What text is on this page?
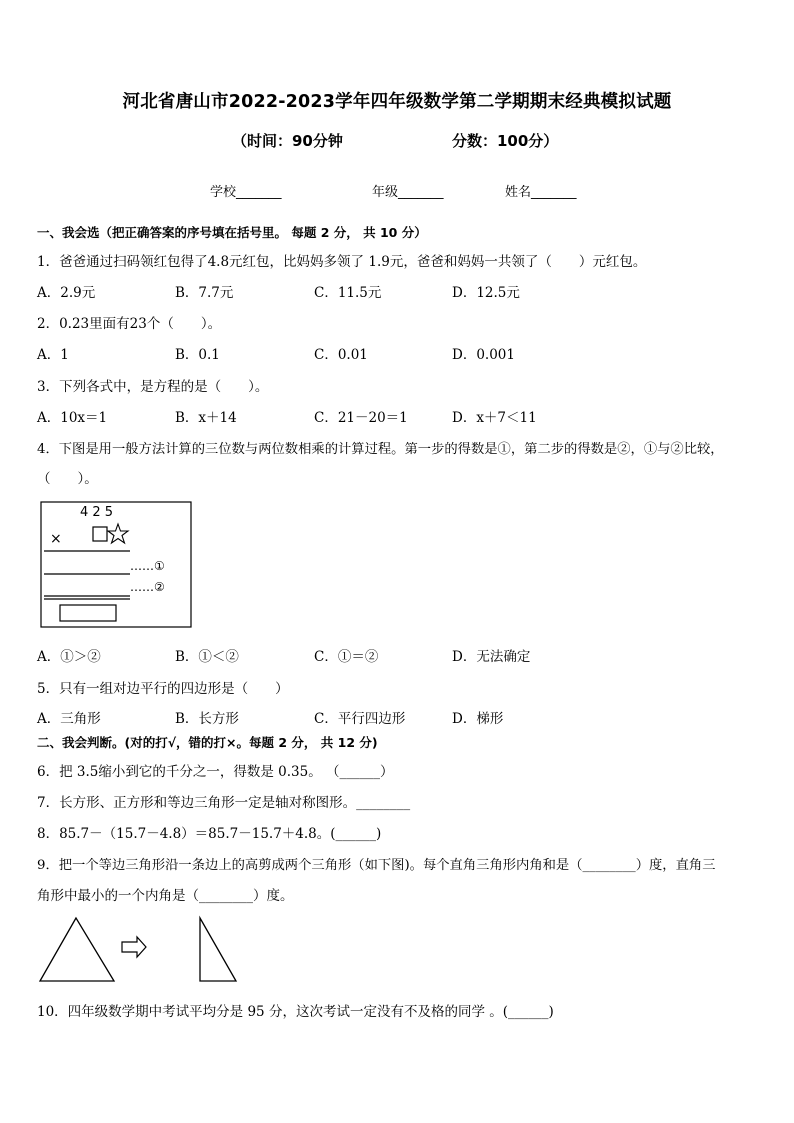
河北省唐山市2022-2023学年四年级数学第二学期期末经典模拟试题
（时间：90分钟	分数：100分）
学校_______	年级_______	姓名_______
一、我会选（把正确答案的序号填在括号里。 每题 2 分， 共 10 分）
1．爸爸通过扫码领红包得了4.8元红包，比妈妈多领了 1.9元，爸爸和妈妈一共领了（　　）元红包。
A．2.9元	B．7.7元	C．11.5元	D．12.5元
2．0.23里面有23个（　　）。
A．1	B．0.1	C．0.01	D．0.001
3．下列各式中，是方程的是（　　）。
A．10x＝1	B．x＋14	C．21－20＝1	D．x＋7＜11
4．下图是用一般方法计算的三位数与两位数相乘的计算过程。第一步的得数是①，第二步的得数是②，①与②比较，
（　　）。
4 2 5
×
……①
……②
A．①＞②	B．①＜②	C．①＝②	D．无法确定
5．只有一组对边平行的四边形是（　　）
A．三角形	B．长方形	C．平行四边形	D．梯形
二、我会判断。(对的打√，错的打×。每题 2 分， 共 12 分)
6．把 3.5缩小到它的千分之一，得数是 0.35。 （______）
7．长方形、正方形和等边三角形一定是轴对称图形。________
8．85.7－（15.7－4.8）＝85.7－15.7＋4.8。(______)
9．把一个等边三角形沿一条边上的高剪成两个三角形（如下图)。每个直角三角形内角和是（________）度，直角三
角形中最小的一个内角是（________）度。
10．四年级数学期中考试平均分是 95 分，这次考试一定没有不及格的同学 。(______)
